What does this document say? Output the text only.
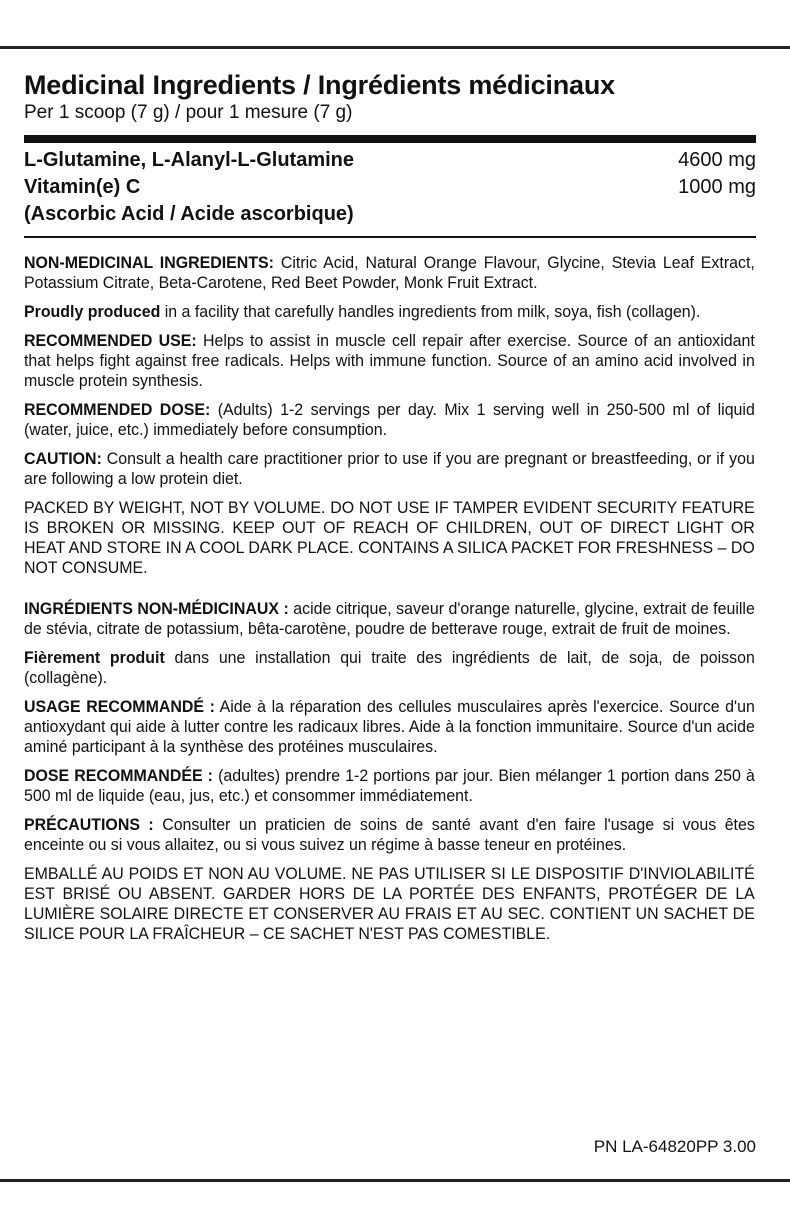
Medicinal Ingredients / Ingrédients médicinaux
Per 1 scoop (7 g) / pour 1 mesure (7 g)
L-Glutamine, L-Alanyl-L-Glutamine	4600 mg
Vitamin(e) C	1000 mg
(Ascorbic Acid / Acide ascorbique)

NON-MEDICINAL INGREDIENTS: Citric Acid, Natural Orange Flavour, Glycine, Stevia Leaf Extract, Potassium Citrate, Beta-Carotene, Red Beet Powder, Monk Fruit Extract.

Proudly produced in a facility that carefully handles ingredients from milk, soya, fish (collagen).

RECOMMENDED USE: Helps to assist in muscle cell repair after exercise. Source of an antioxidant that helps fight against free radicals. Helps with immune function. Source of an amino acid involved in muscle protein synthesis.

RECOMMENDED DOSE: (Adults) 1-2 servings per day. Mix 1 serving well in 250-500 ml of liquid (water, juice, etc.) immediately before consumption.

CAUTION: Consult a health care practitioner prior to use if you are pregnant or breastfeeding, or if you are following a low protein diet.

PACKED BY WEIGHT, NOT BY VOLUME. DO NOT USE IF TAMPER EVIDENT SECURITY FEATURE IS BROKEN OR MISSING. KEEP OUT OF REACH OF CHILDREN, OUT OF DIRECT LIGHT OR HEAT AND STORE IN A COOL DARK PLACE. CONTAINS A SILICA PACKET FOR FRESHNESS – DO NOT CONSUME.

INGRÉDIENTS NON-MÉDICINAUX : acide citrique, saveur d'orange naturelle, glycine, extrait de feuille de stévia, citrate de potassium, bêta-carotène, poudre de betterave rouge, extrait de fruit de moines.

Fièrement produit dans une installation qui traite des ingrédients de lait, de soja, de poisson (collagène).

USAGE RECOMMANDÉ : Aide à la réparation des cellules musculaires après l'exercice. Source d'un antioxydant qui aide à lutter contre les radicaux libres. Aide à la fonction immunitaire. Source d'un acide aminé participant à la synthèse des protéines musculaires.

DOSE RECOMMANDÉE : (adultes) prendre 1-2 portions par jour. Bien mélanger 1 portion dans 250 à 500 ml de liquide (eau, jus, etc.) et consommer immédiatement.

PRÉCAUTIONS : Consulter un praticien de soins de santé avant d'en faire l'usage si vous êtes enceinte ou si vous allaitez, ou si vous suivez un régime à basse teneur en protéines.

EMBALLÉ AU POIDS ET NON AU VOLUME. NE PAS UTILISER SI LE DISPOSITIF D'INVIOLABILITÉ EST BRISÉ OU ABSENT. GARDER HORS DE LA PORTÉE DES ENFANTS, PROTÉGER DE LA LUMIÈRE SOLAIRE DIRECTE ET CONSERVER AU FRAIS ET AU SEC. CONTIENT UN SACHET DE SILICE POUR LA FRAÎCHEUR – CE SACHET N'EST PAS COMESTIBLE.

PN LA-64820PP 3.00
